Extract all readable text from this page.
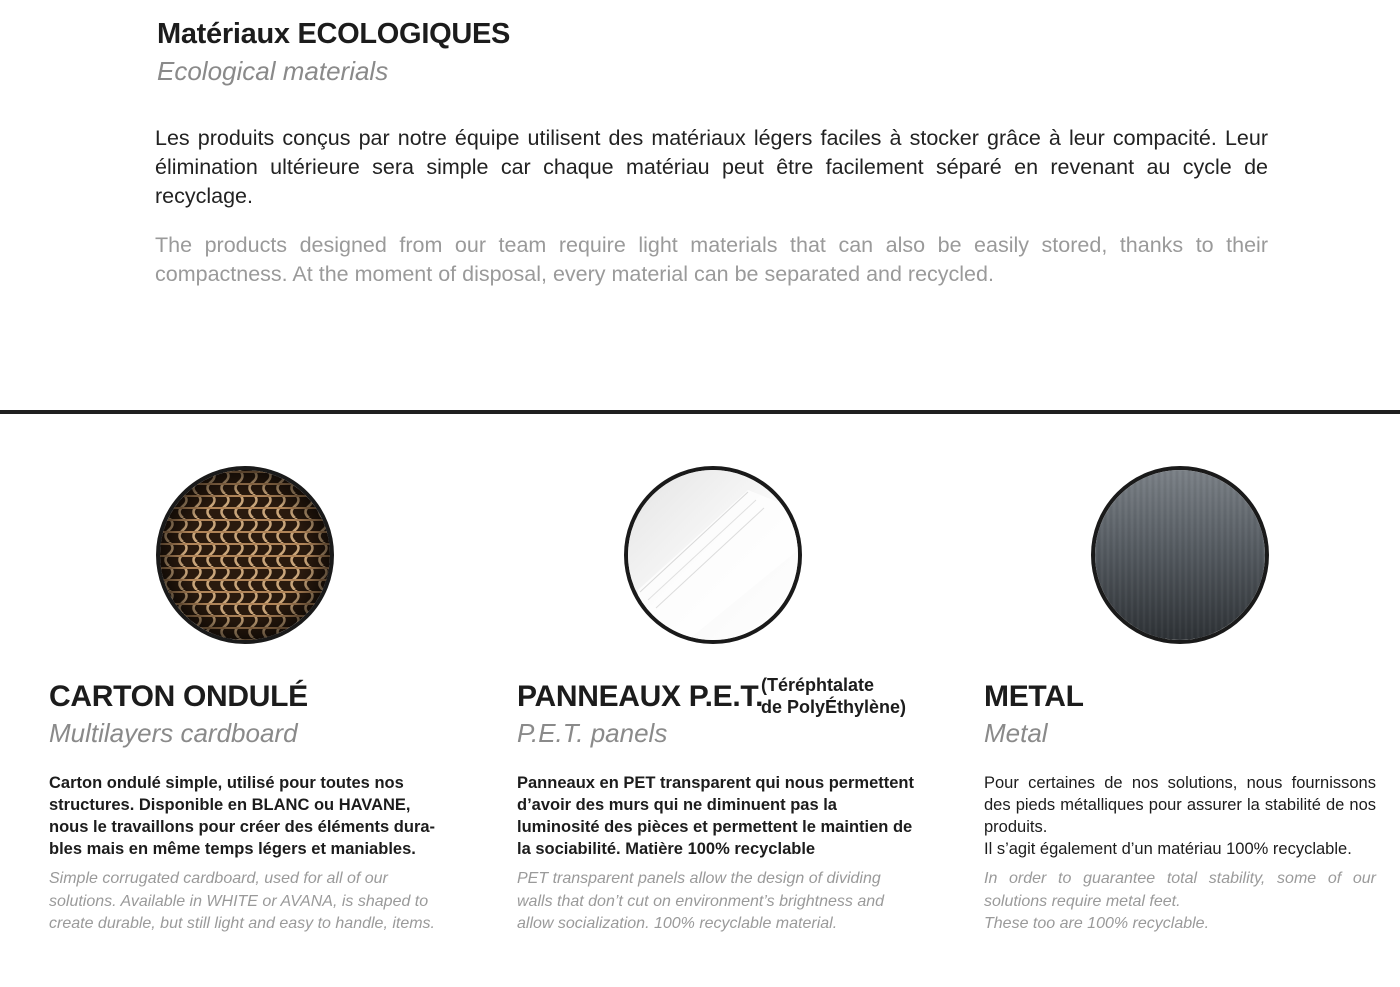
Matériaux ECOLOGIQUES
Ecological materials
Les produits conçus par notre équipe utilisent des matériaux légers faciles à stocker grâce à leur compacité. Leur élimination ultérieure sera simple car chaque matériau peut être facilement séparé en revenant au cycle de recyclage.
The products designed from our team require light materials that can also be easily stored, thanks to their compactness. At the moment of disposal, every material can be separated and recycled.
CARTON ONDULÉ
Multilayers cardboard
Carton ondulé simple, utilisé pour toutes nos structures. Disponible en BLANC ou HAVANE, nous le travaillons pour créer des éléments dura-bles mais en même temps légers et maniables.
Simple corrugated cardboard, used for all of our solutions. Available in WHITE or AVANA, is shaped to create durable, but still light and easy to handle, items.
PANNEAUX P.E.T.
(Téréphtalate
de PolyÉthylène)
P.E.T. panels
Panneaux en PET transparent qui nous permettent d’avoir des murs qui ne diminuent pas la luminosité des pièces et permettent le maintien de la sociabilité. Matière 100% recyclable
PET transparent panels allow the design of dividing walls that don’t cut on environment’s brightness and allow socialization. 100% recyclable material.
METAL
Metal
Pour certaines de nos solutions, nous fournissons des pieds métalliques pour assurer la stabilité de nos produits.
Il s’agit également d’un matériau 100% recyclable.
In order to guarantee total stability, some of our solutions require metal feet.
These too are 100% recyclable.
